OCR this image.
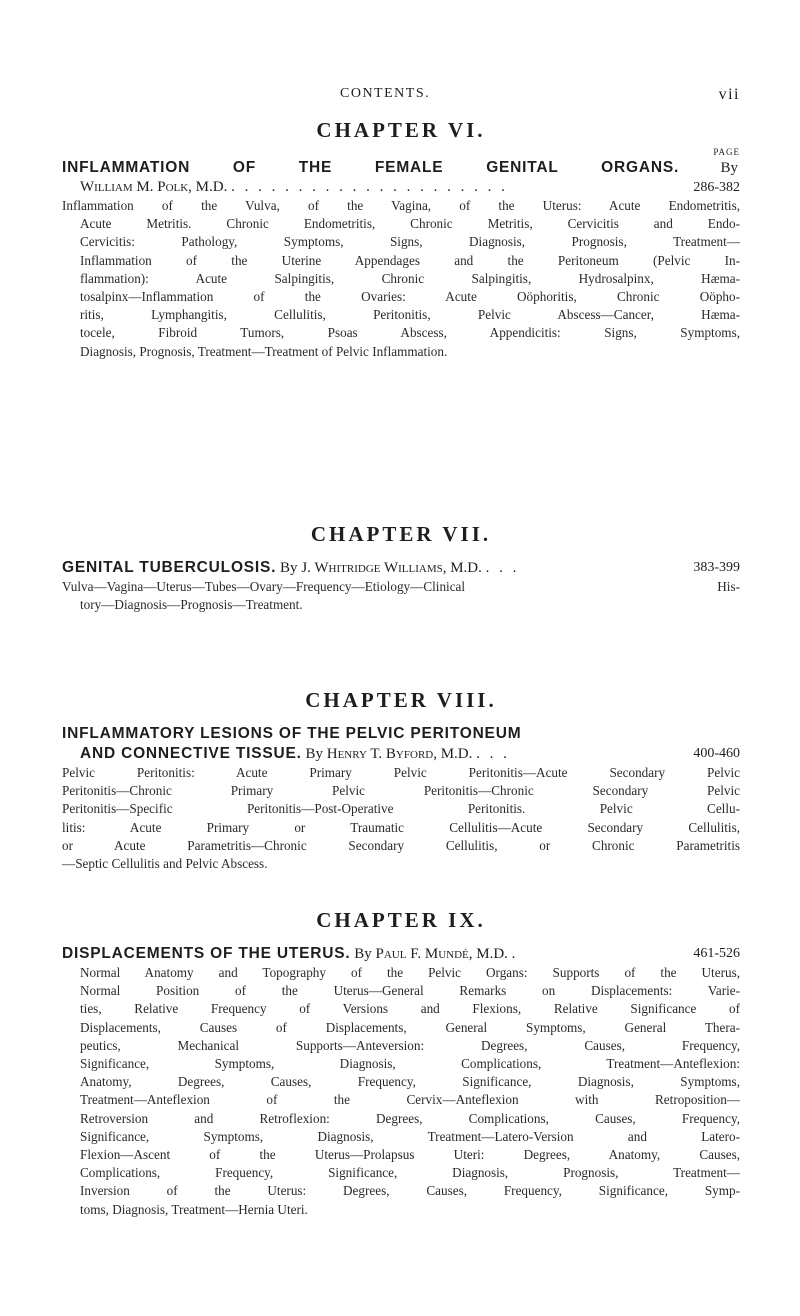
CONTENTS.	vii
CHAPTER VI.

PAGE

INFLAMMATION OF THE FEMALE GENITAL ORGANS.	By
William M. Polk, M.D. . . . . . . . . . . . . . . . . . . . . .	286-382
Inflammation of the Vulva, of the Vagina, of the Uterus: Acute Endometritis,
Acute Metritis. Chronic Endometritis, Chronic Metritis, Cervicitis and Endo-
Cervicitis: Pathology, Symptoms, Signs, Diagnosis, Prognosis, Treatment—
Inflammation of the Uterine Appendages and the Peritoneum (Pelvic In-
flammation): Acute Salpingitis, Chronic Salpingitis, Hydrosalpinx, Hæma-
tosalpinx—Inflammation of the Ovaries: Acute Oöphoritis, Chronic Oöpho-
ritis, Lymphangitis, Cellulitis, Peritonitis, Pelvic Abscess—Cancer, Hæma-
tocele, Fibroid Tumors, Psoas Abscess, Appendicitis: Signs, Symptoms,
Diagnosis, Prognosis, Treatment—Treatment of Pelvic Inflammation.
CHAPTER VII.
GENITAL TUBERCULOSIS. By J. Whitridge Williams, M.D. . . .	383-399
Vulva—Vagina—Uterus—Tubes—Ovary—Frequency—Etiology—Clinical His-
tory—Diagnosis—Prognosis—Treatment.
CHAPTER VIII.
INFLAMMATORY LESIONS OF THE PELVIC PERITONEUM
AND CONNECTIVE TISSUE. By Henry T. Byford, M.D. . . .	400-460
Pelvic Peritonitis: Acute Primary Pelvic Peritonitis—Acute Secondary Pelvic
Peritonitis—Chronic Primary Pelvic Peritonitis—Chronic Secondary Pelvic
Peritonitis—Specific Peritonitis—Post-Operative Peritonitis. Pelvic Cellu-
litis: Acute Primary or Traumatic Cellulitis—Acute Secondary Cellulitis,
or Acute Parametritis—Chronic Secondary Cellulitis, or Chronic Parametritis
—Septic Cellulitis and Pelvic Abscess.
CHAPTER IX.
DISPLACEMENTS OF THE UTERUS. By Paul F. Mundé, M.D. .	461-526
Normal Anatomy and Topography of the Pelvic Organs: Supports of the Uterus,
Normal Position of the Uterus—General Remarks on Displacements: Varie-
ties, Relative Frequency of Versions and Flexions, Relative Significance of
Displacements, Causes of Displacements, General Symptoms, General Thera-
peutics, Mechanical Supports—Anteversion: Degrees, Causes, Frequency,
Significance, Symptoms, Diagnosis, Complications, Treatment—Anteflexion:
Anatomy, Degrees, Causes, Frequency, Significance, Diagnosis, Symptoms,
Treatment—Anteflexion of the Cervix—Anteflexion with Retroposition—
Retroversion and Retroflexion: Degrees, Complications, Causes, Frequency,
Significance, Symptoms, Diagnosis, Treatment—Latero-Version and Latero-
Flexion—Ascent of the Uterus—Prolapsus Uteri: Degrees, Anatomy, Causes,
Complications, Frequency, Significance, Diagnosis, Prognosis, Treatment—
Inversion of the Uterus: Degrees, Causes, Frequency, Significance, Symp-
toms, Diagnosis, Treatment—Hernia Uteri.
